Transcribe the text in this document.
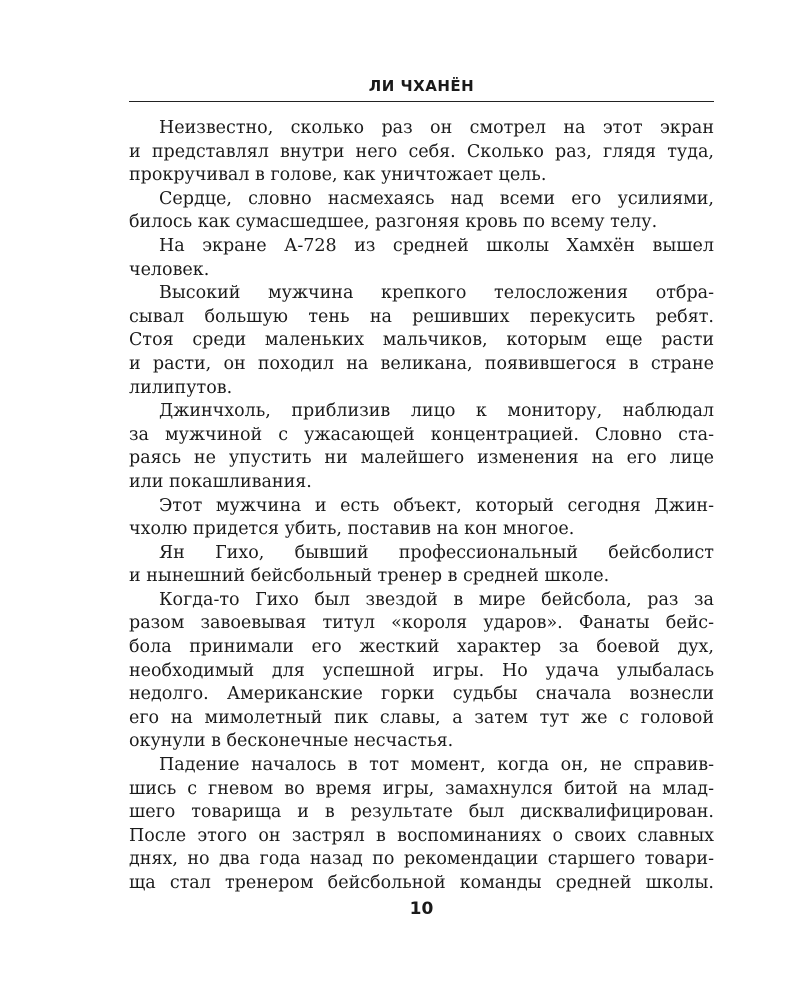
ЛИ ЧХАНЁН
Неизвестно, сколько раз он смотрел на этот экран
и представлял внутри него себя. Сколько раз, глядя туда,
прокручивал в голове, как уничтожает цель.
Сердце, словно насмехаясь над всеми его усилиями,
билось как сумасшедшее, разгоняя кровь по всему телу.
На экране А-728 из средней школы Хамхён вышел
человек.
Высокий мужчина крепкого телосложения отбра-
сывал большую тень на решивших перекусить ребят.
Стоя среди маленьких мальчиков, которым еще расти
и расти, он походил на великана, появившегося в стране
лилипутов.
Джинчхоль, приблизив лицо к монитору, наблюдал
за мужчиной с ужасающей концентрацией. Словно ста-
раясь не упустить ни малейшего изменения на его лице
или покашливания.
Этот мужчина и есть объект, который сегодня Джин-
чхолю придется убить, поставив на кон многое.
Ян Гихо, бывший профессиональный бейсболист
и нынешний бейсбольный тренер в средней школе.
Когда-то Гихо был звездой в мире бейсбола, раз за
разом завоевывая титул «короля ударов». Фанаты бейс-
бола принимали его жесткий характер за боевой дух,
необходимый для успешной игры. Но удача улыбалась
недолго. Американские горки судьбы сначала вознесли
его на мимолетный пик славы, а затем тут же с головой
окунули в бесконечные несчастья.
Падение началось в тот момент, когда он, не справив-
шись с гневом во время игры, замахнулся битой на млад-
шего товарища и в результате был дисквалифицирован.
После этого он застрял в воспоминаниях о своих славных
днях, но два года назад по рекомендации старшего товари-
ща стал тренером бейсбольной команды средней школы.
10
